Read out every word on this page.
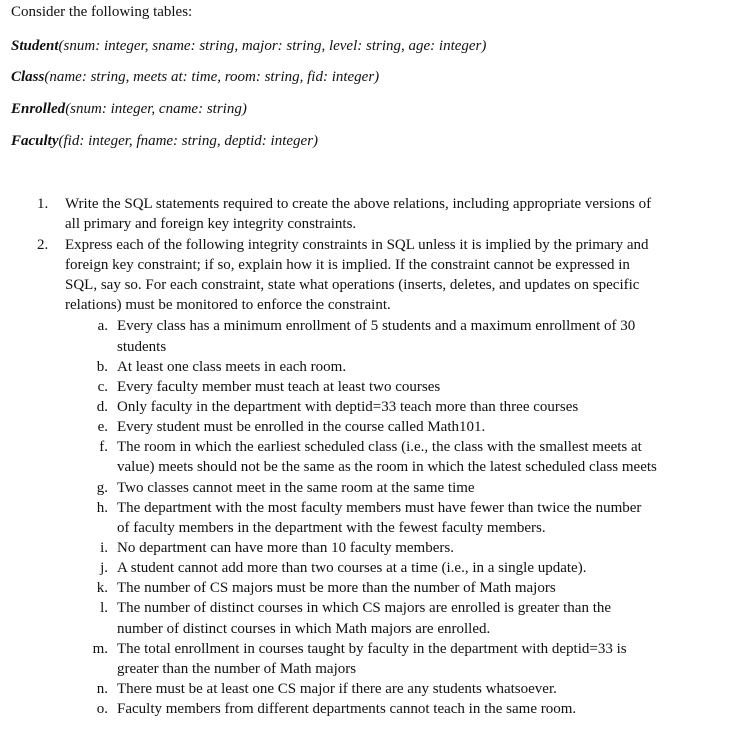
Consider the following tables:
Student(snum: integer, sname: string, major: string, level: string, age: integer)
Class(name: string, meets at: time, room: string, fid: integer)
Enrolled(snum: integer, cname: string)
Faculty(fid: integer, fname: string, deptid: integer)
1. Write the SQL statements required to create the above relations, including appropriate versions of
all primary and foreign key integrity constraints.
2. Express each of the following integrity constraints in SQL unless it is implied by the primary and
foreign key constraint; if so, explain how it is implied. If the constraint cannot be expressed in
SQL, say so. For each constraint, state what operations (inserts, deletes, and updates on specific
relations) must be monitored to enforce the constraint.
a. Every class has a minimum enrollment of 5 students and a maximum enrollment of 30
students
b. At least one class meets in each room.
c. Every faculty member must teach at least two courses
d. Only faculty in the department with deptid=33 teach more than three courses
e. Every student must be enrolled in the course called Math101.
f. The room in which the earliest scheduled class (i.e., the class with the smallest meets at
value) meets should not be the same as the room in which the latest scheduled class meets
g. Two classes cannot meet in the same room at the same time
h. The department with the most faculty members must have fewer than twice the number
of faculty members in the department with the fewest faculty members.
i. No department can have more than 10 faculty members.
j. A student cannot add more than two courses at a time (i.e., in a single update).
k. The number of CS majors must be more than the number of Math majors
l. The number of distinct courses in which CS majors are enrolled is greater than the
number of distinct courses in which Math majors are enrolled.
m. The total enrollment in courses taught by faculty in the department with deptid=33 is
greater than the number of Math majors
n. There must be at least one CS major if there are any students whatsoever.
o. Faculty members from different departments cannot teach in the same room.
